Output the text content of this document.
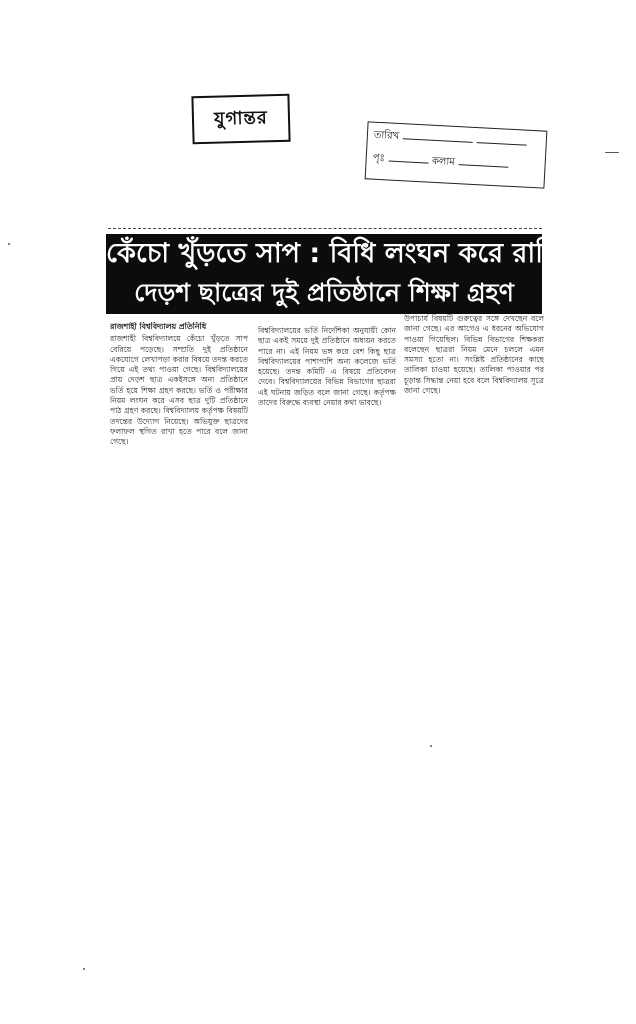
যুগান্তর
তারিখ
পৃঃ	কলাম
কেঁচো খুঁড়তে সাপ : বিধি লংঘন করে রাবির
দেড়শ ছাত্রের দুই প্রতিষ্ঠানে শিক্ষা গ্রহণ
রাজশাহী বিশ্ববিদ্যালয় প্রতিনিধি
রাজশাহী বিশ্ববিদ্যালয়ে কেঁচো খুঁড়তে সাপ বেরিয়ে পড়েছে। সম্প্রতি দুই প্রতিষ্ঠানে একযোগে লেখাপড়া করার বিষয়ে তদন্ত করতে গিয়ে এই তথ্য পাওয়া গেছে। বিশ্ববিদ্যালয়ের প্রায় দেড়শ ছাত্র একইসঙ্গে অন্য প্রতিষ্ঠানে ভর্তি হয়ে শিক্ষা গ্রহণ করছে। ভর্তি ও পরীক্ষার নিয়ম লংঘন করে এসব ছাত্র দুটি প্রতিষ্ঠানে পাঠ গ্রহণ করছে। বিশ্ববিদ্যালয় কর্তৃপক্ষ বিষয়টি তদন্তের উদ্যোগ নিয়েছে। অভিযুক্ত ছাত্রদের ফলাফল স্থগিত রাখা হতে পারে বলে জানা গেছে।
বিশ্ববিদ্যালয়ের ভর্তি নির্দেশিকা অনুযায়ী কোন ছাত্র একই সময়ে দুই প্রতিষ্ঠানে অধ্যয়ন করতে পারে না। এই নিয়ম ভঙ্গ করে বেশ কিছু ছাত্র বিশ্ববিদ্যালয়ের পাশাপাশি অন্য কলেজে ভর্তি হয়েছে। তদন্ত কমিটি এ বিষয়ে প্রতিবেদন দেবে। বিশ্ববিদ্যালয়ের বিভিন্ন বিভাগের ছাত্ররা এই ঘটনায় জড়িত বলে জানা গেছে। কর্তৃপক্ষ তাদের বিরুদ্ধে ব্যবস্থা নেয়ার কথা ভাবছে।
উপাচার্য বিষয়টি গুরুত্বের সঙ্গে দেখছেন বলে জানা গেছে। এর আগেও এ ধরনের অভিযোগ পাওয়া গিয়েছিল। বিভিন্ন বিভাগের শিক্ষকরা বলেছেন ছাত্ররা নিয়ম মেনে চললে এমন সমস্যা হতো না। সংশ্লিষ্ট প্রতিষ্ঠানের কাছে তালিকা চাওয়া হয়েছে। তালিকা পাওয়ার পর চূড়ান্ত সিদ্ধান্ত নেয়া হবে বলে বিশ্ববিদ্যালয় সূত্রে জানা গেছে।
